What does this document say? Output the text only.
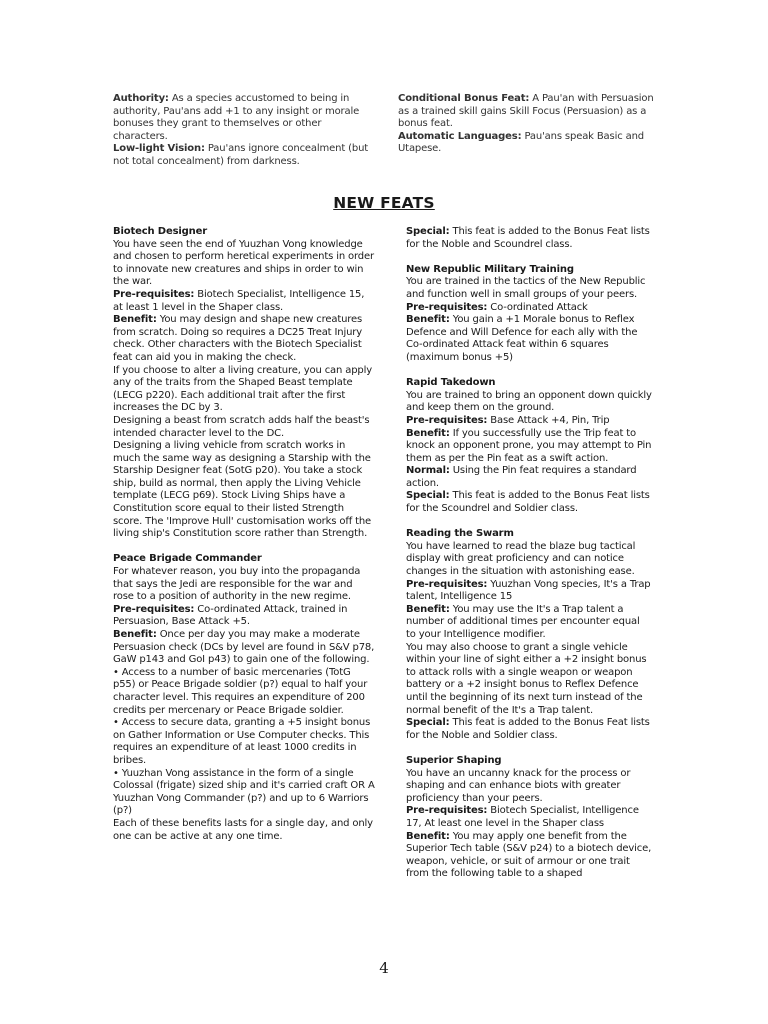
Authority: As a species accustomed to being in authority, Pau'ans add +1 to any insight or morale bonuses they grant to themselves or other characters.

Low-light Vision: Pau'ans ignore concealment (but not total concealment) from darkness.

Conditional Bonus Feat: A Pau'an with Persuasion as a trained skill gains Skill Focus (Persuasion) as a bonus feat.

Automatic Languages: Pau'ans speak Basic and Utapese.

NEW FEATS

Biotech Designer

You have seen the end of Yuuzhan Vong knowledge and chosen to perform heretical experiments in order to innovate new creatures and ships in order to win the war.

Pre-requisites: Biotech Specialist, Intelligence 15, at least 1 level in the Shaper class.

Benefit: You may design and shape new creatures from scratch. Doing so requires a DC25 Treat Injury check. Other characters with the Biotech Specialist feat can aid you in making the check.

If you choose to alter a living creature, you can apply any of the traits from the Shaped Beast template (LECG p220). Each additional trait after the first increases the DC by 3.

Designing a beast from scratch adds half the beast's intended character level to the DC.

Designing a living vehicle from scratch works in much the same way as designing a Starship with the Starship Designer feat (SotG p20). You take a stock ship, build as normal, then apply the Living Vehicle template (LECG p69). Stock Living Ships have a Constitution score equal to their listed Strength score. The 'Improve Hull' customisation works off the living ship's Constitution score rather than Strength.

Peace Brigade Commander

For whatever reason, you buy into the propaganda that says the Jedi are responsible for the war and rose to a position of authority in the new regime.

Pre-requisites: Co-ordinated Attack, trained in Persuasion, Base Attack +5.

Benefit: Once per day you may make a moderate Persuasion check (DCs by level are found in S&V p78, GaW p143 and GoI p43) to gain one of the following.

• Access to a number of basic mercenaries (TotG p55) or Peace Brigade soldier (p?) equal to half your character level. This requires an expenditure of 200 credits per mercenary or Peace Brigade soldier.

• Access to secure data, granting a +5 insight bonus on Gather Information or Use Computer checks. This requires an expenditure of at least 1000 credits in bribes.

• Yuuzhan Vong assistance in the form of a single Colossal (frigate) sized ship and it's carried craft OR A Yuuzhan Vong Commander (p?) and up to 6 Warriors (p?)

Each of these benefits lasts for a single day, and only one can be active at any one time.

Special: This feat is added to the Bonus Feat lists for the Noble and Scoundrel class.

New Republic Military Training

You are trained in the tactics of the New Republic and function well in small groups of your peers.

Pre-requisites: Co-ordinated Attack

Benefit: You gain a +1 Morale bonus to Reflex Defence and Will Defence for each ally with the Co-ordinated Attack feat within 6 squares (maximum bonus +5)

Rapid Takedown

You are trained to bring an opponent down quickly and keep them on the ground.

Pre-requisites: Base Attack +4, Pin, Trip

Benefit: If you successfully use the Trip feat to knock an opponent prone, you may attempt to Pin them as per the Pin feat as a swift action.

Normal: Using the Pin feat requires a standard action.

Special: This feat is added to the Bonus Feat lists for the Scoundrel and Soldier class.

Reading the Swarm

You have learned to read the blaze bug tactical display with great proficiency and can notice changes in the situation with astonishing ease.

Pre-requisites: Yuuzhan Vong species, It's a Trap talent, Intelligence 15

Benefit: You may use the It's a Trap talent a number of additional times per encounter equal to your Intelligence modifier.

You may also choose to grant a single vehicle within your line of sight either a +2 insight bonus to attack rolls with a single weapon or weapon battery or a +2 insight bonus to Reflex Defence until the beginning of its next turn instead of the normal benefit of the It's a Trap talent.

Special: This feat is added to the Bonus Feat lists for the Noble and Soldier class.

Superior Shaping

You have an uncanny knack for the process or shaping and can enhance biots with greater proficiency than your peers.

Pre-requisites: Biotech Specialist, Intelligence 17, At least one level in the Shaper class

Benefit: You may apply one benefit from the Superior Tech table (S&V p24) to a biotech device, weapon, vehicle, or suit of armour or one trait from the following table to a shaped

4
